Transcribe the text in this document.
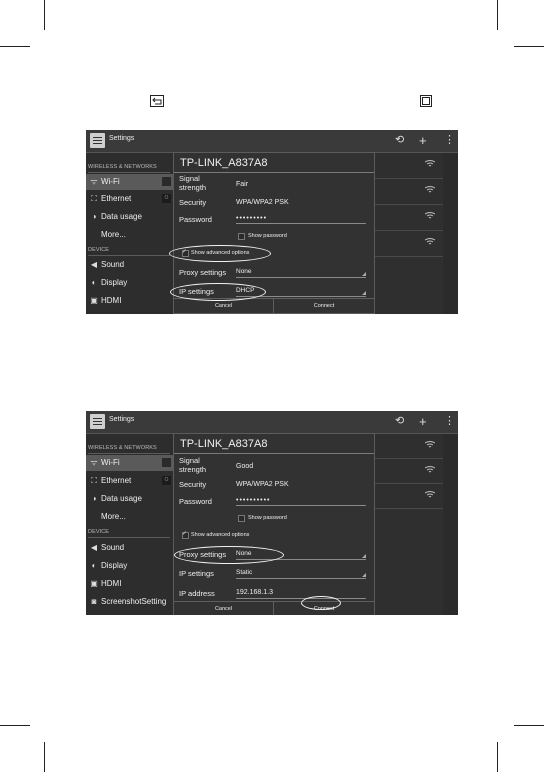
Settings	⟲ + ⋮
WIRELESS & NETWORKS
ᯤ Wi-Fi
⛶ Ethernet	O
◑ Data usage
More...
DEVICE
◀ Sound
◐ Display
▣ HDMI
TP-LINK_A837A8
Signal
strength	Fair
Security	WPA/WPA2 PSK
Password	•••••••••
Show password
✓
Show advanced options
Proxy settings None
IP settings	DHCP
Cancel	Connect
Settings	⟲ + ⋮
WIRELESS & NETWORKS
ᯤ Wi-Fi
⛶ Ethernet	O
◑ Data usage
More...
DEVICE
◀ Sound
◐ Display
▣ HDMI
◙ ScreenshotSetting
TP-LINK_A837A8
Signal
strength	Good
Security	WPA/WPA2 PSK
Password	••••••••••
Show password
✓
Show advanced options
Proxy settings None
IP settings	Static
IP address	192.168.1.3
Cancel	Connect
